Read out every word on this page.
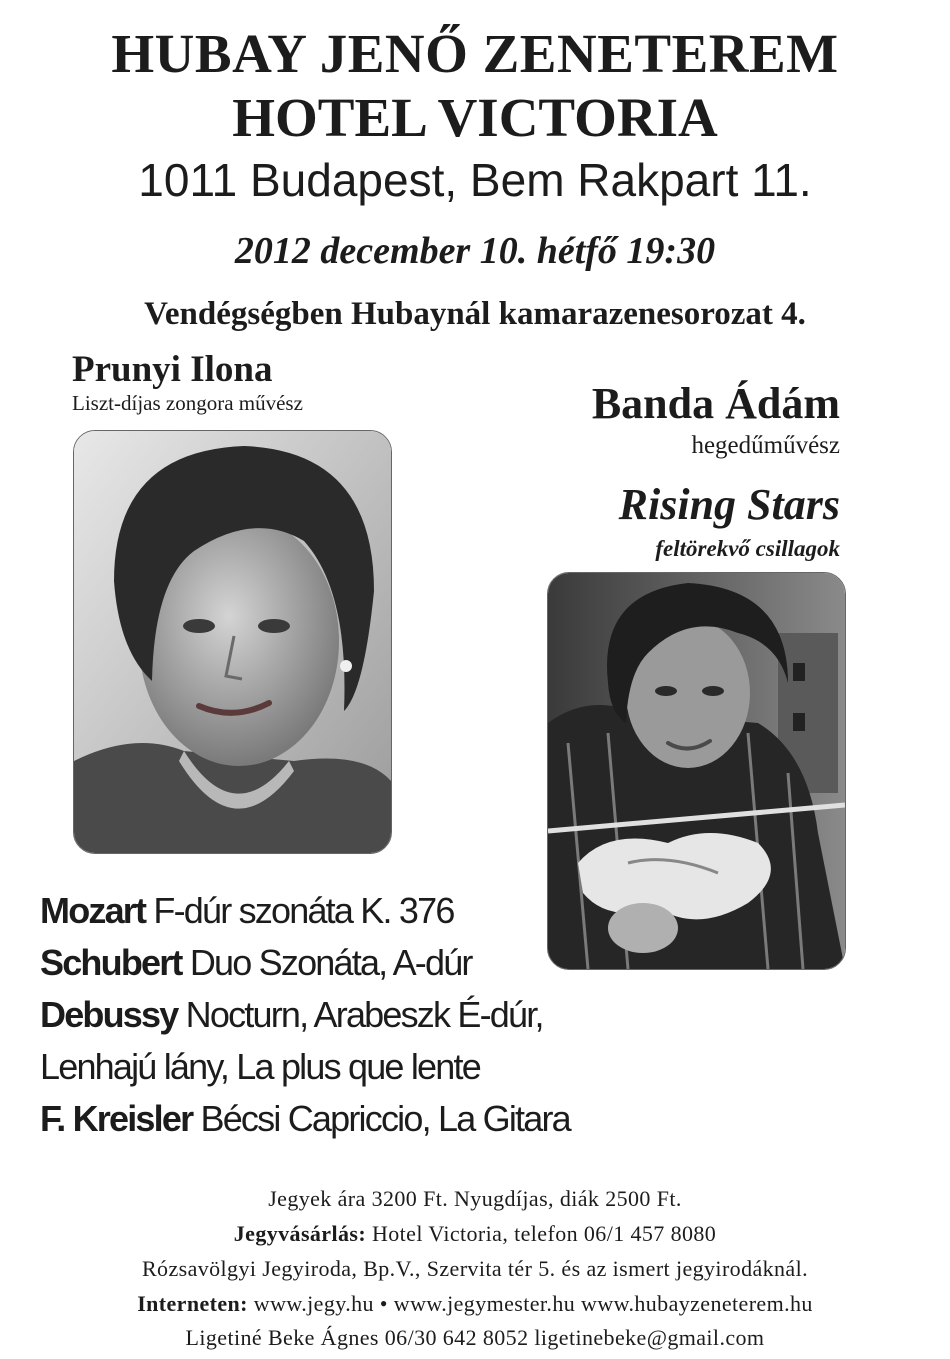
HUBAY JENŐ ZENETEREM
HOTEL VICTORIA
1011 Budapest, Bem Rakpart 11.
2012 december 10. hétfő 19:30
Vendégségben Hubaynál kamarazenesorozat 4.
Prunyi Ilona
Liszt-díjas zongora művész	Banda Ádám
hegedűművész
Rising Stars
feltörekvő csillagok
Mozart F-dúr szonáta K. 376
Schubert Duo Szonáta, A-dúr
Debussy Nocturn, Arabeszk É-dúr,
Lenhajú lány, La plus que lente
F. Kreisler Bécsi Capriccio, La Gitara
Jegyek ára 3200 Ft. Nyugdíjas, diák 2500 Ft.
Jegyvásárlás: Hotel Victoria, telefon 06/1 457 8080
Rózsavölgyi Jegyiroda, Bp.V., Szervita tér 5. és az ismert jegyirodáknál.
Interneten: www.jegy.hu • www.jegymester.hu www.hubayzeneterem.hu
Ligetiné Beke Ágnes 06/30 642 8052 ligetinebeke@gmail.com
